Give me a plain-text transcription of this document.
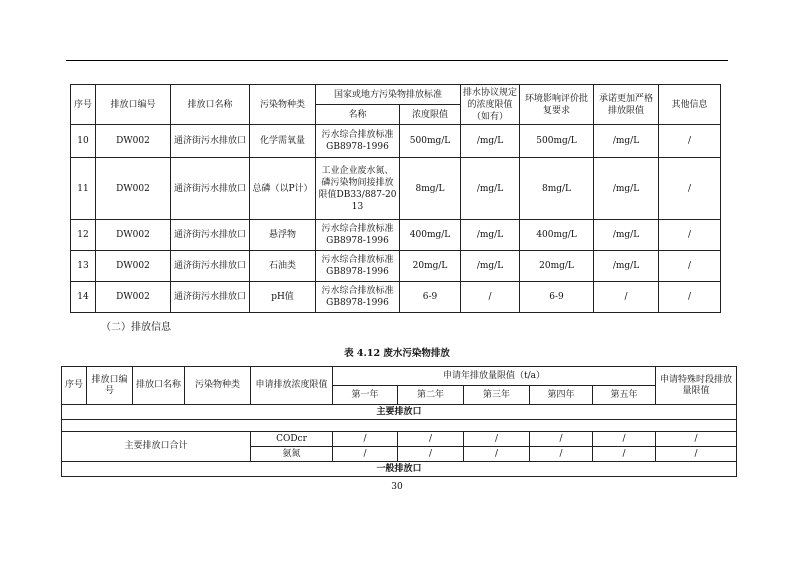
序号	排放口编号	排放口名称	污染物种类	国家或地方污染物排放标准		排水协议规定的浓度限值（如有）	环境影响评价批复要求	承诺更加严格排放限值	其他信息
				名称	浓度限值				
10	DW002	通济街污水排放口	化学需氧量	污水综合排放标准GB8978-1996	500mg/L	/mg/L	500mg/L	/mg/L	/
11	DW002	通济街污水排放口	总磷（以P计）	工业企业废水氮、磷污染物间接排放限值DB33/887-2013	8mg/L	/mg/L	8mg/L	/mg/L	/
12	DW002	通济街污水排放口	悬浮物	污水综合排放标准GB8978-1996	400mg/L	/mg/L	400mg/L	/mg/L	/
13	DW002	通济街污水排放口	石油类	污水综合排放标准GB8978-1996	20mg/L	/mg/L	20mg/L	/mg/L	/
14	DW002	通济街污水排放口	pH值	污水综合排放标准GB8978-1996	6-9	/	6-9	/	/
（二）排放信息
表 4.12 废水污染物排放
序号	排放口编号	排放口名称	污染物种类	申请排放浓度限值	申请年排放量限值（t/a）					申请特殊时段排放量限值
					第一年	第二年	第三年	第四年	第五年	
主要排放口										

主要排放口合计				CODcr	/	/	/	/	/	/
				氨氮	/	/	/	/	/	/
一般排放口										
30
